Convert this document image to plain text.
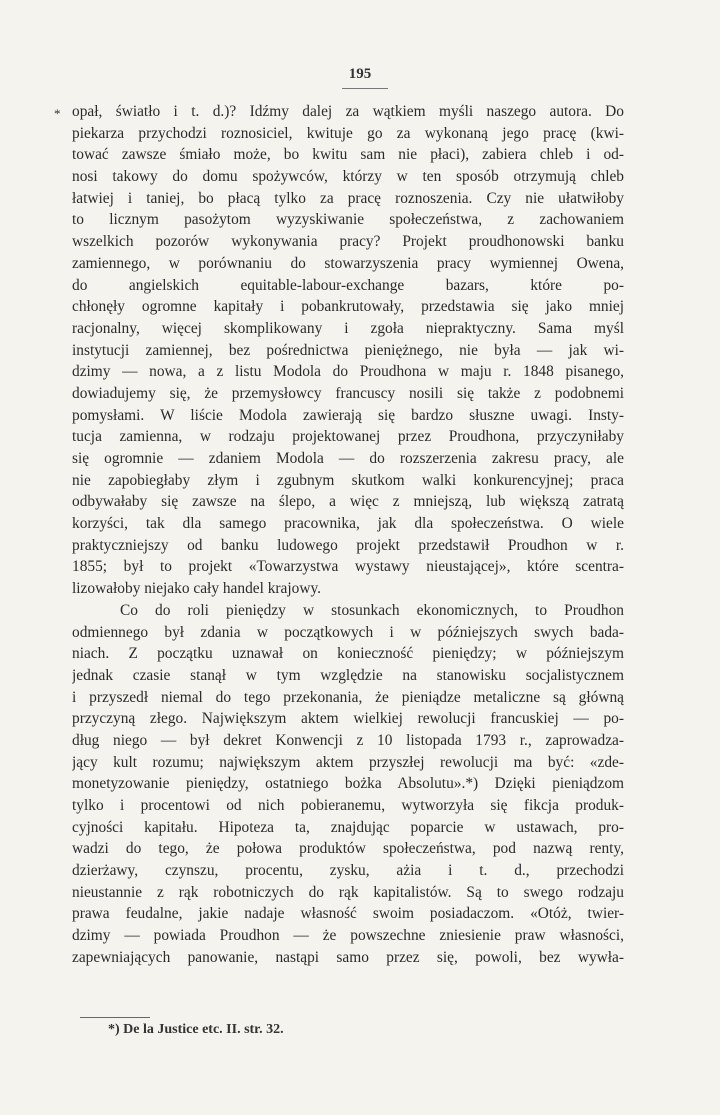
195
* opał, światło i t. d.)? Idźmy dalej za wątkiem myśli naszego autora. Do
piekarza przychodzi roznosiciel, kwituje go za wykonaną jego pracę (kwi-
tować zawsze śmiało może, bo kwitu sam nie płaci), zabiera chleb i od-
nosi takowy do domu spożywców, którzy w ten sposób otrzymują chleb
łatwiej i taniej, bo płacą tylko za pracę roznoszenia. Czy nie ułatwiłoby
to licznym pasożytom wyzyskiwanie społeczeństwa, z zachowaniem
wszelkich pozorów wykonywania pracy? Projekt proudhonowski banku
zamiennego, w porównaniu do stowarzyszenia pracy wymiennej Owena,
do angielskich equitable-labour-exchange bazars, które po-
chłonęły ogromne kapitały i pobankrutowały, przedstawia się jako mniej
racjonalny, więcej skomplikowany i zgoła niepraktyczny. Sama myśl
instytucji zamiennej, bez pośrednictwa pieniężnego, nie była — jak wi-
dzimy — nowa, a z listu Modola do Proudhona w maju r. 1848 pisanego,
dowiadujemy się, że przemysłowcy francuscy nosili się także z podobnemi
pomysłami. W liście Modola zawierają się bardzo słuszne uwagi. Insty-
tucja zamienna, w rodzaju projektowanej przez Proudhona, przyczyniłaby
się ogromnie — zdaniem Modola — do rozszerzenia zakresu pracy, ale
nie zapobiegłaby złym i zgubnym skutkom walki konkurencyjnej; praca
odbywałaby się zawsze na ślepo, a więc z mniejszą, lub większą zatratą
korzyści, tak dla samego pracownika, jak dla społeczeństwa. O wiele
praktyczniejszy od banku ludowego projekt przedstawił Proudhon w r.
1855; był to projekt «Towarzystwa wystawy nieustającej», które scentra-
lizowałoby niejako cały handel krajowy.
Co do roli pieniędzy w stosunkach ekonomicznych, to Proudhon
odmiennego był zdania w początkowych i w późniejszych swych bada-
niach. Z początku uznawał on konieczność pieniędzy; w późniejszym
jednak czasie stanął w tym względzie na stanowisku socjalistycznem
i przyszedł niemal do tego przekonania, że pieniądze metaliczne są główną
przyczyną złego. Największym aktem wielkiej rewolucji francuskiej — po-
dług niego — był dekret Konwencji z 10 listopada 1793 r., zaprowadza-
jący kult rozumu; największym aktem przyszłej rewolucji ma być: «zde-
monetyzowanie pieniędzy, ostatniego bożka Absolutu».*) Dzięki pieniądzom
tylko i procentowi od nich pobieranemu, wytworzyła się fikcja produk-
cyjności kapitału. Hipoteza ta, znajdując poparcie w ustawach, pro-
wadzi do tego, że połowa produktów społeczeństwa, pod nazwą renty,
dzierżawy, czynszu, procentu, zysku, ażia i t. d., przechodzi
nieustannie z rąk robotniczych do rąk kapitalistów. Są to swego rodzaju
prawa feudalne, jakie nadaje własność swoim posiadaczom. «Otóż, twier-
dzimy — powiada Proudhon — że powszechne zniesienie praw własności,
zapewniających panowanie, nastąpi samo przez się, powoli, bez wywła-
*) De la Justice etc. II. str. 32.
